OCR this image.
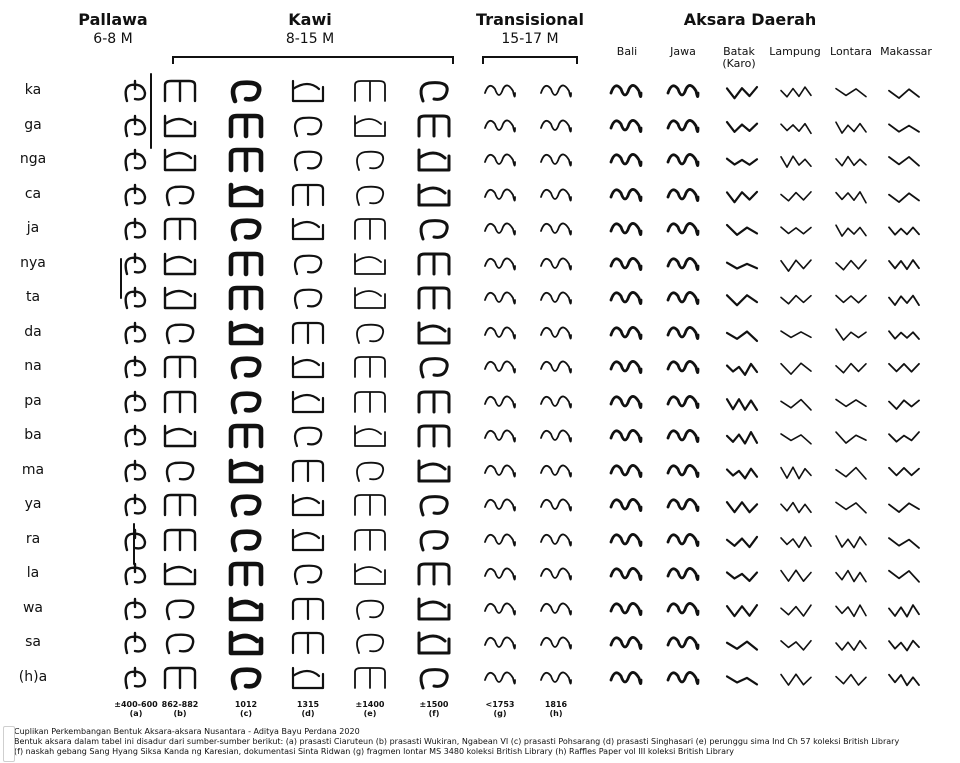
Pallawa
6-8 M
Kawi
8-15 M
Transisional
15-17 M
Aksara Daerah
Bali	Jawa	Batak
(Karo)
Lampung Lontara Makassar
ka
ga
nga
ca
ja
nya
ta
da
na
pa
ba
ma
ya
ra
la
wa
sa
(h)a
±400-600
(a)
862-882
(b)
1012
(c)
1315
(d)
±1400
(e)
±1500
(f)
<1753
(g)
1816
(h)
Cuplikan Perkembangan Bentuk Aksara-aksara Nusantara - Aditya Bayu Perdana 2020
Bentuk aksara dalam tabel ini disadur dari sumber-sumber berikut: (a) prasasti Ciaruteun (b) prasasti Wukiran, Ngabean VI (c) prasasti Pohsarang (d) prasasti Singhasari (e) perunggu sima Ind Ch 57 koleksi British Library
(f) naskah gebang Sang Hyang Siksa Kanda ng Karesian, dokumentasi Sinta Ridwan (g) fragmen lontar MS 3480 koleksi British Library (h) Raffles Paper vol III koleksi British Library
